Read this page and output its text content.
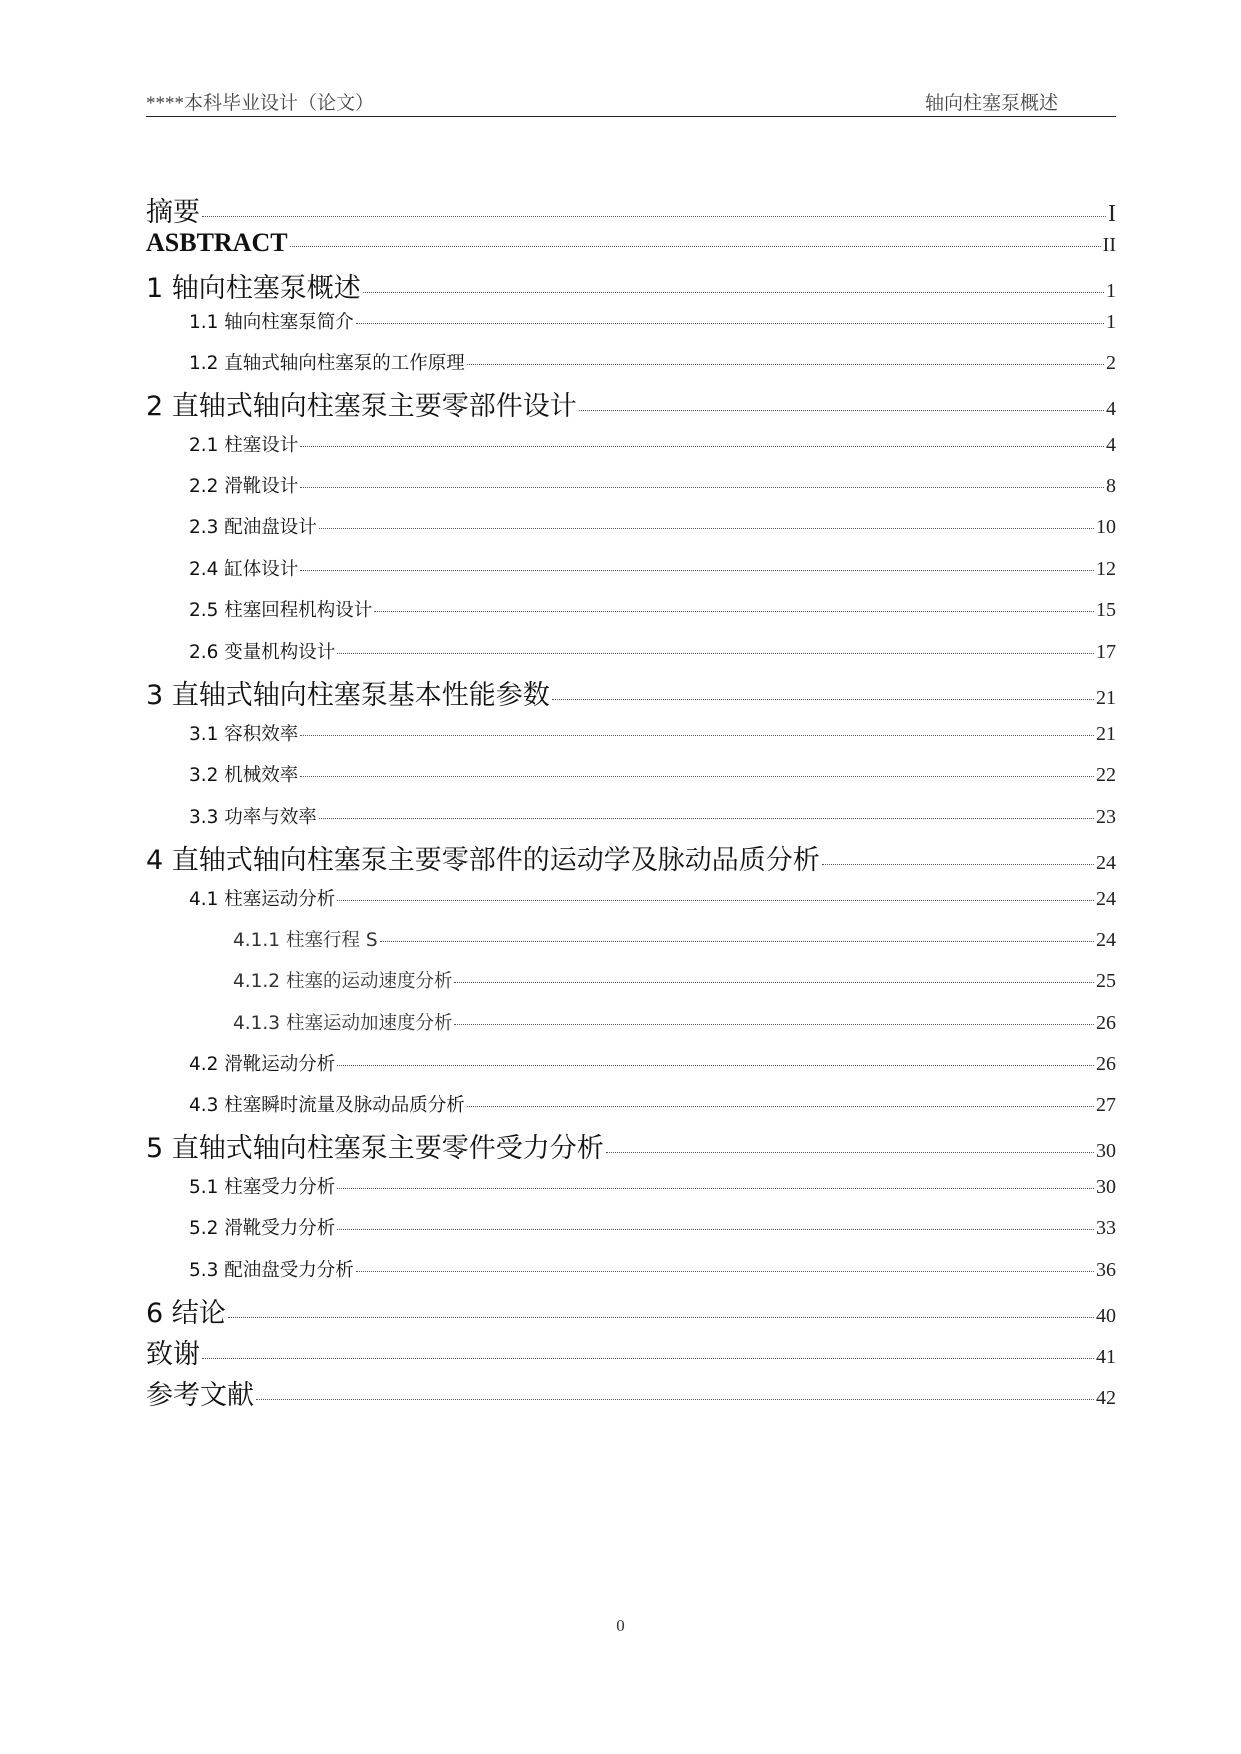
****本科毕业设计（论文）	轴向柱塞泵概述
摘要	I
ASBTRACT	II
1 轴向柱塞泵概述	1
1.1 轴向柱塞泵简介	1
1.2 直轴式轴向柱塞泵的工作原理	2
2 直轴式轴向柱塞泵主要零部件设计	4
2.1 柱塞设计	4
2.2 滑靴设计	8
2.3 配油盘设计	10
2.4 缸体设计	12
2.5 柱塞回程机构设计	15
2.6 变量机构设计	17
3 直轴式轴向柱塞泵基本性能参数	21
3.1 容积效率	21
3.2 机械效率	22
3.3 功率与效率	23
4 直轴式轴向柱塞泵主要零部件的运动学及脉动品质分析	24
4.1 柱塞运动分析	24
4.1.1 柱塞行程 S	24
4.1.2 柱塞的运动速度分析	25
4.1.3 柱塞运动加速度分析	26
4.2 滑靴运动分析	26
4.3 柱塞瞬时流量及脉动品质分析	27
5 直轴式轴向柱塞泵主要零件受力分析	30
5.1 柱塞受力分析	30
5.2 滑靴受力分析	33
5.3 配油盘受力分析	36
6 结论	40
致谢	41
参考文献	42
0
